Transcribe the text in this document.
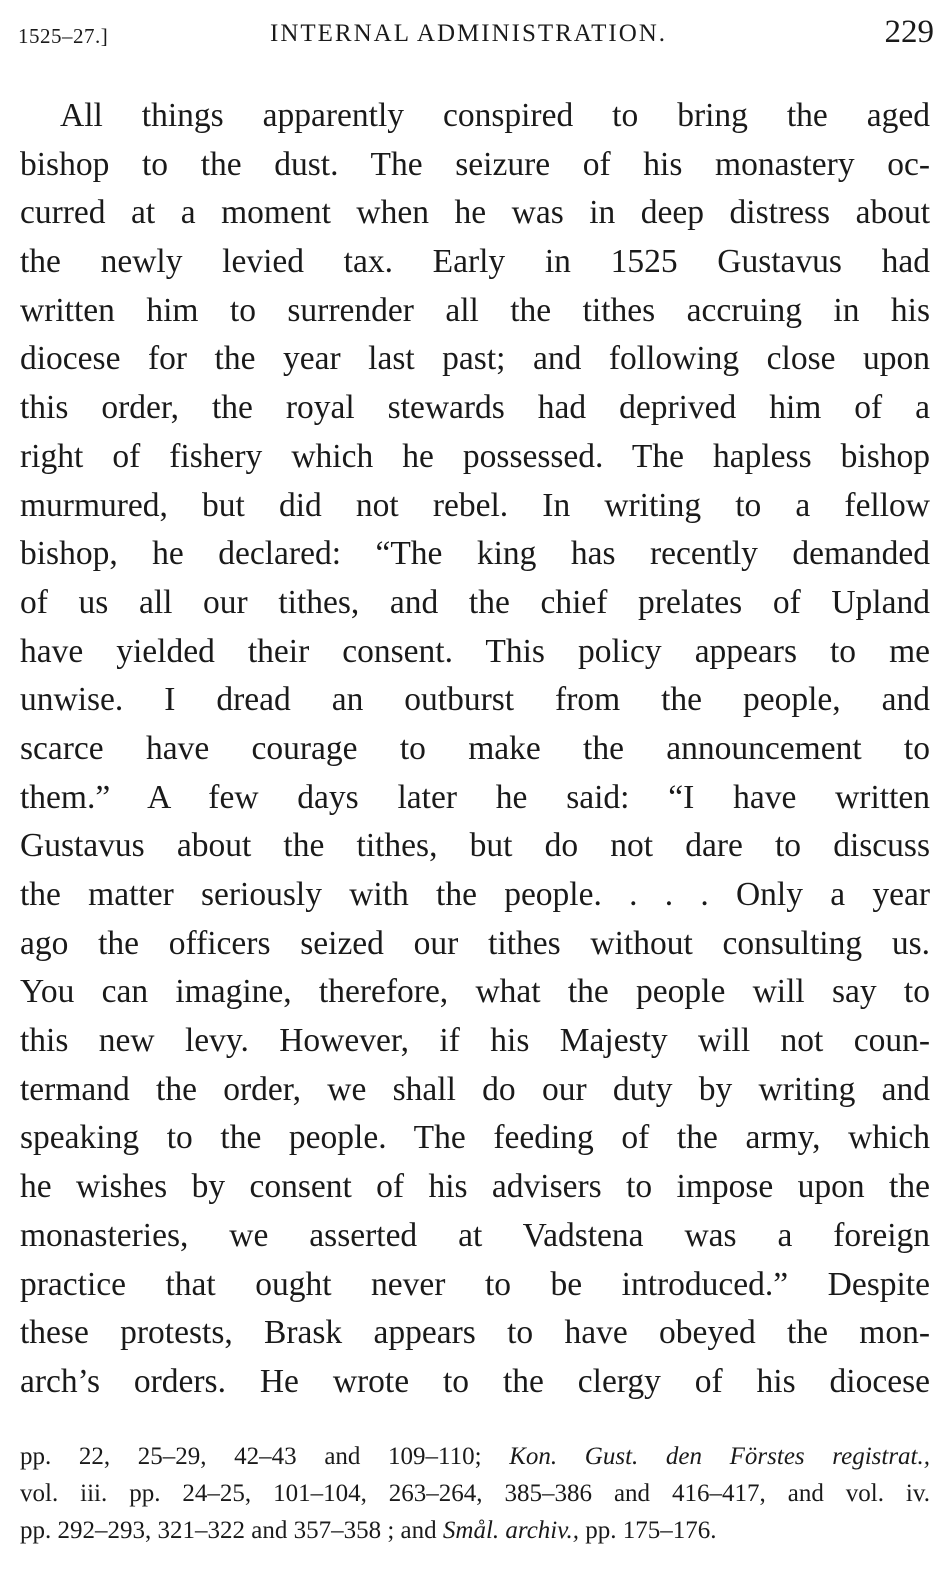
1525–27.]	INTERNAL ADMINISTRATION.	229
All things apparently conspired to bring the aged
bishop to the dust. The seizure of his monastery oc-
curred at a moment when he was in deep distress about
the newly levied tax. Early in 1525 Gustavus had
written him to surrender all the tithes accruing in his
diocese for the year last past; and following close upon
this order, the royal stewards had deprived him of a
right of fishery which he possessed. The hapless bishop
murmured, but did not rebel. In writing to a fellow
bishop, he declared: “The king has recently demanded
of us all our tithes, and the chief prelates of Upland
have yielded their consent. This policy appears to me
unwise. I dread an outburst from the people, and
scarce have courage to make the announcement to
them.” A few days later he said: “I have written
Gustavus about the tithes, but do not dare to discuss
the matter seriously with the people. . . . Only a year
ago the officers seized our tithes without consulting us.
You can imagine, therefore, what the people will say to
this new levy. However, if his Majesty will not coun-
termand the order, we shall do our duty by writing and
speaking to the people. The feeding of the army, which
he wishes by consent of his advisers to impose upon the
monasteries, we asserted at Vadstena was a foreign
practice that ought never to be introduced.” Despite
these protests, Brask appears to have obeyed the mon-
arch’s orders. He wrote to the clergy of his diocese
pp. 22, 25–29, 42–43 and 109–110; Kon. Gust. den Förstes registrat.,
vol. iii. pp. 24–25, 101–104, 263–264, 385–386 and 416–417, and vol. iv.
pp. 292–293, 321–322 and 357–358 ; and Smål. archiv., pp. 175–176.
